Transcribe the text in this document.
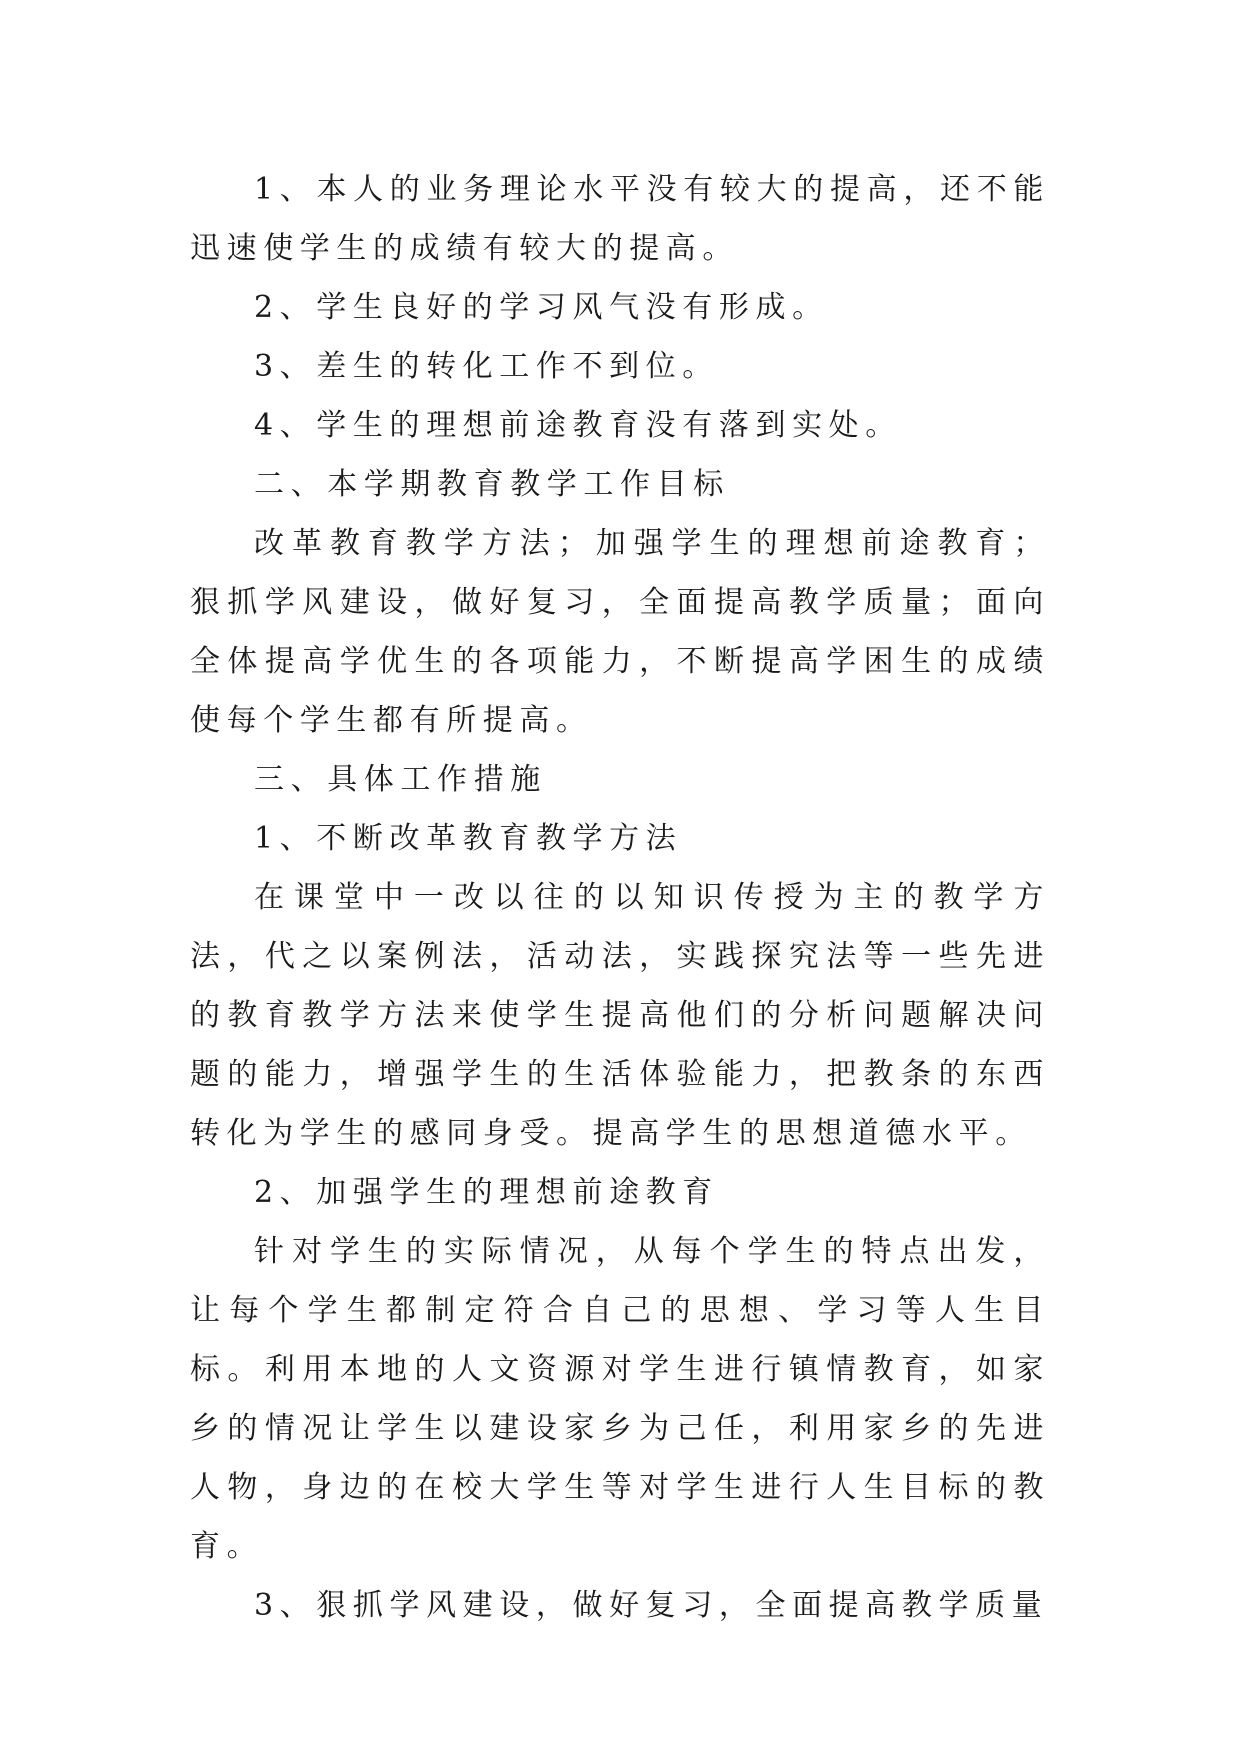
1、本人的业务理论水平没有较大的提高，还不能迅速使学生的成绩有较大的提高。

2、学生良好的学习风气没有形成。

3、差生的转化工作不到位。

4、学生的理想前途教育没有落到实处。

二、本学期教育教学工作目标

改革教育教学方法；加强学生的理想前途教育；狠抓学风建设，做好复习，全面提高教学质量；面向全体提高学优生的各项能力，不断提高学困生的成绩使每个学生都有所提高。

三、具体工作措施

1、不断改革教育教学方法

在课堂中一改以往的以知识传授为主的教学方法，代之以案例法，活动法，实践探究法等一些先进的教育教学方法来使学生提高他们的分析问题解决问题的能力，增强学生的生活体验能力，把教条的东西转化为学生的感同身受。提高学生的思想道德水平。

2、加强学生的理想前途教育

针对学生的实际情况，从每个学生的特点出发，让每个学生都制定符合自己的思想、学习等人生目标。利用本地的人文资源对学生进行镇情教育，如家乡的情况让学生以建设家乡为己任，利用家乡的先进人物，身边的在校大学生等对学生进行人生目标的教育。

3、狠抓学风建设，做好复习，全面提高教学质量
